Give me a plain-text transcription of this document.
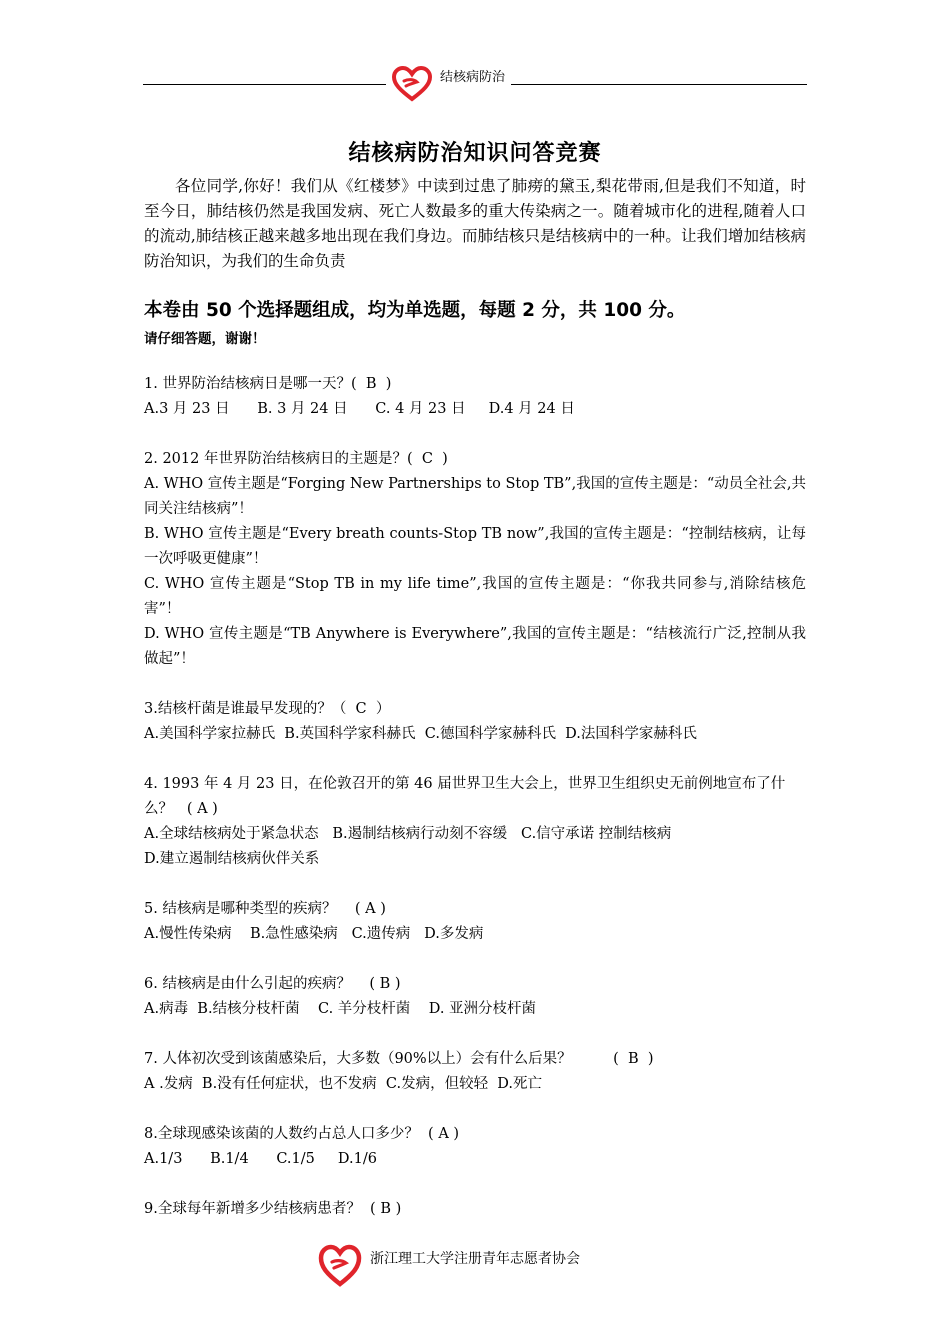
结核病防治
结核病防治知识问答竞赛

各位同学,你好！我们从《红楼梦》中读到过患了肺痨的黛玉,梨花带雨,但是我们不知道，时至今日，肺结核仍然是我国发病、死亡人数最多的重大传染病之一。随着城市化的进程,随着人口的流动,肺结核正越来越多地出现在我们身边。而肺结核只是结核病中的一种。让我们增加结核病防治知识，为我们的生命负责

本卷由 50 个选择题组成，均为单选题，每题 2 分，共 100 分。
请仔细答题，谢谢！
1. 世界防治结核病日是哪一天？(  B  )
A.3 月 23 日      B. 3 月 24 日      C. 4 月 23 日     D.4 月 24 日
2. 2012 年世界防治结核病日的主题是？(  C  )
A. WHO 宣传主题是“Forging New Partnerships to Stop TB”,我国的宣传主题是：“动员全社会,共同关注结核病”！
B. WHO 宣传主题是“Every breath counts-Stop TB now”,我国的宣传主题是：“控制结核病，让每一次呼吸更健康”！
C. WHO 宣传主题是“Stop TB in my life time”,我国的宣传主题是：“你我共同参与,消除结核危害”！
D. WHO 宣传主题是“TB Anywhere is Everywhere”,我国的宣传主题是：“结核流行广泛,控制从我做起”！
3.结核杆菌是谁最早发现的？（  C  ）
A.美国科学家拉赫氏  B.英国科学家科赫氏  C.德国科学家赫科氏  D.法国科学家赫科氏
4. 1993 年 4 月 23 日，在伦敦召开的第 46 届世界卫生大会上，世界卫生组织史无前例地宣布了什么？   ( A )
A.全球结核病处于紧急状态   B.遏制结核病行动刻不容缓   C.信守承诺 控制结核病
D.建立遏制结核病伙伴关系
5. 结核病是哪种类型的疾病？    ( A )
A.慢性传染病    B.急性感染病   C.遗传病   D.多发病
6. 结核病是由什么引起的疾病？    ( B )
A.病毒  B.结核分枝杆菌    C. 羊分枝杆菌    D. 亚洲分枝杆菌
7. 人体初次受到该菌感染后，大多数（90%以上）会有什么后果？         (  B  )
A .发病  B.没有任何症状，也不发病  C.发病，但较轻  D.死亡
8.全球现感染该菌的人数约占总人口多少？  ( A )
A.1/3      B.1/4      C.1/5     D.1/6
9.全球每年新增多少结核病患者？  ( B )
浙江理工大学注册青年志愿者协会
